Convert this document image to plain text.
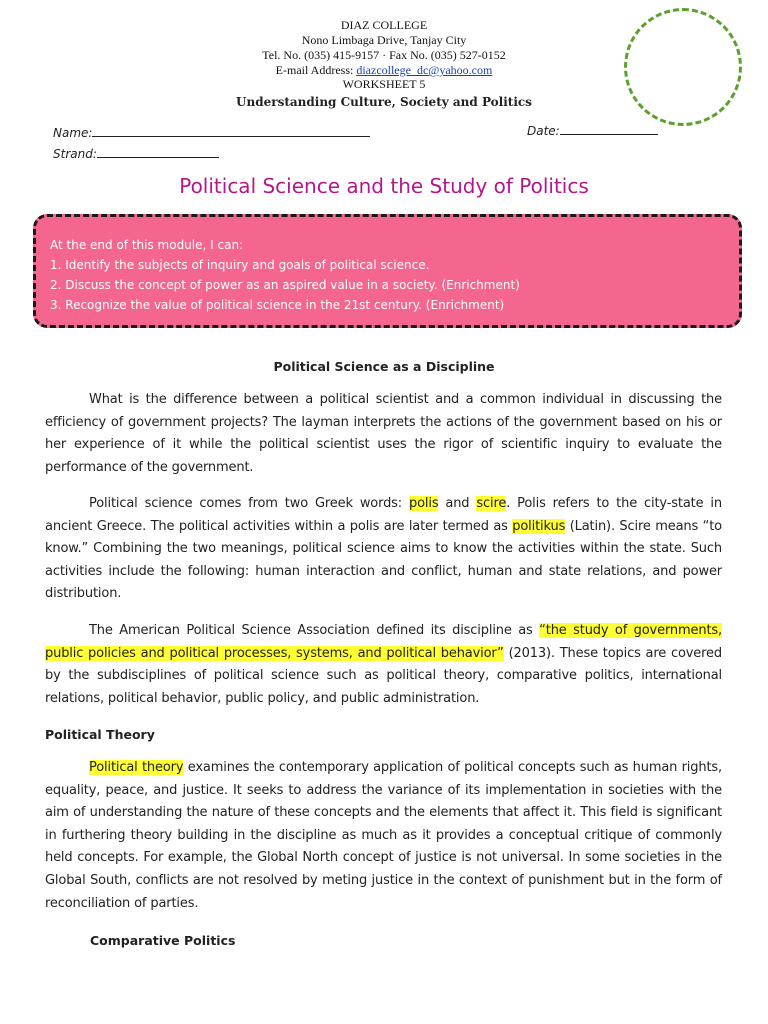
DIAZ COLLEGE
Nono Limbaga Drive, Tanjay City
Tel. No. (035) 415-9157 · Fax No. (035) 527-0152
E-mail Address: diazcollege_dc@yahoo.com
WORKSHEET 5
Understanding Culture, Society and Politics
Name:	Date:
Strand:
Political Science and the Study of Politics
At the end of this module, I can:
1. Identify the subjects of inquiry and goals of political science.
2. Discuss the concept of power as an aspired value in a society. (Enrichment)
3. Recognize the value of political science in the 21st century. (Enrichment)
Political Science as a Discipline

What is the difference between a political scientist and a common individual in discussing the efficiency of government projects? The layman interprets the actions of the government based on his or her experience of it while the political scientist uses the rigor of scientific inquiry to evaluate the performance of the government.

Political science comes from two Greek words: polis and scire. Polis refers to the city-state in ancient Greece. The political activities within a polis are later termed as politikus (Latin). Scire means “to know.” Combining the two meanings, political science aims to know the activities within the state. Such activities include the following: human interaction and conflict, human and state relations, and power distribution.

The American Political Science Association defined its discipline as “the study of governments, public policies and political processes, systems, and political behavior” (2013). These topics are covered by the subdisciplines of political science such as political theory, comparative politics, international relations, political behavior, public policy, and public administration.

Political Theory

Political theory examines the contemporary application of political concepts such as human rights, equality, peace, and justice. It seeks to address the variance of its implementation in societies with the aim of understanding the nature of these concepts and the elements that affect it. This field is significant in furthering theory building in the discipline as much as it provides a conceptual critique of commonly held concepts. For example, the Global North concept of justice is not universal. In some societies in the Global South, conflicts are not resolved by meting justice in the context of punishment but in the form of reconciliation of parties.

Comparative Politics
